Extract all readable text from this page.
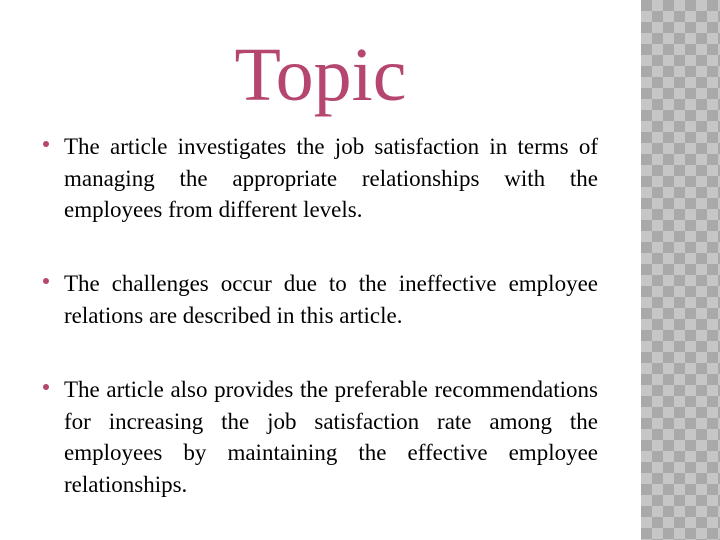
Topic
The article investigates the job satisfaction in terms of managing the appropriate relationships with the employees from different levels.
The challenges occur due to the ineffective employee relations are described in this article.
The article also provides the preferable recommendations for increasing the job satisfaction rate among the employees by maintaining the effective employee relationships.
